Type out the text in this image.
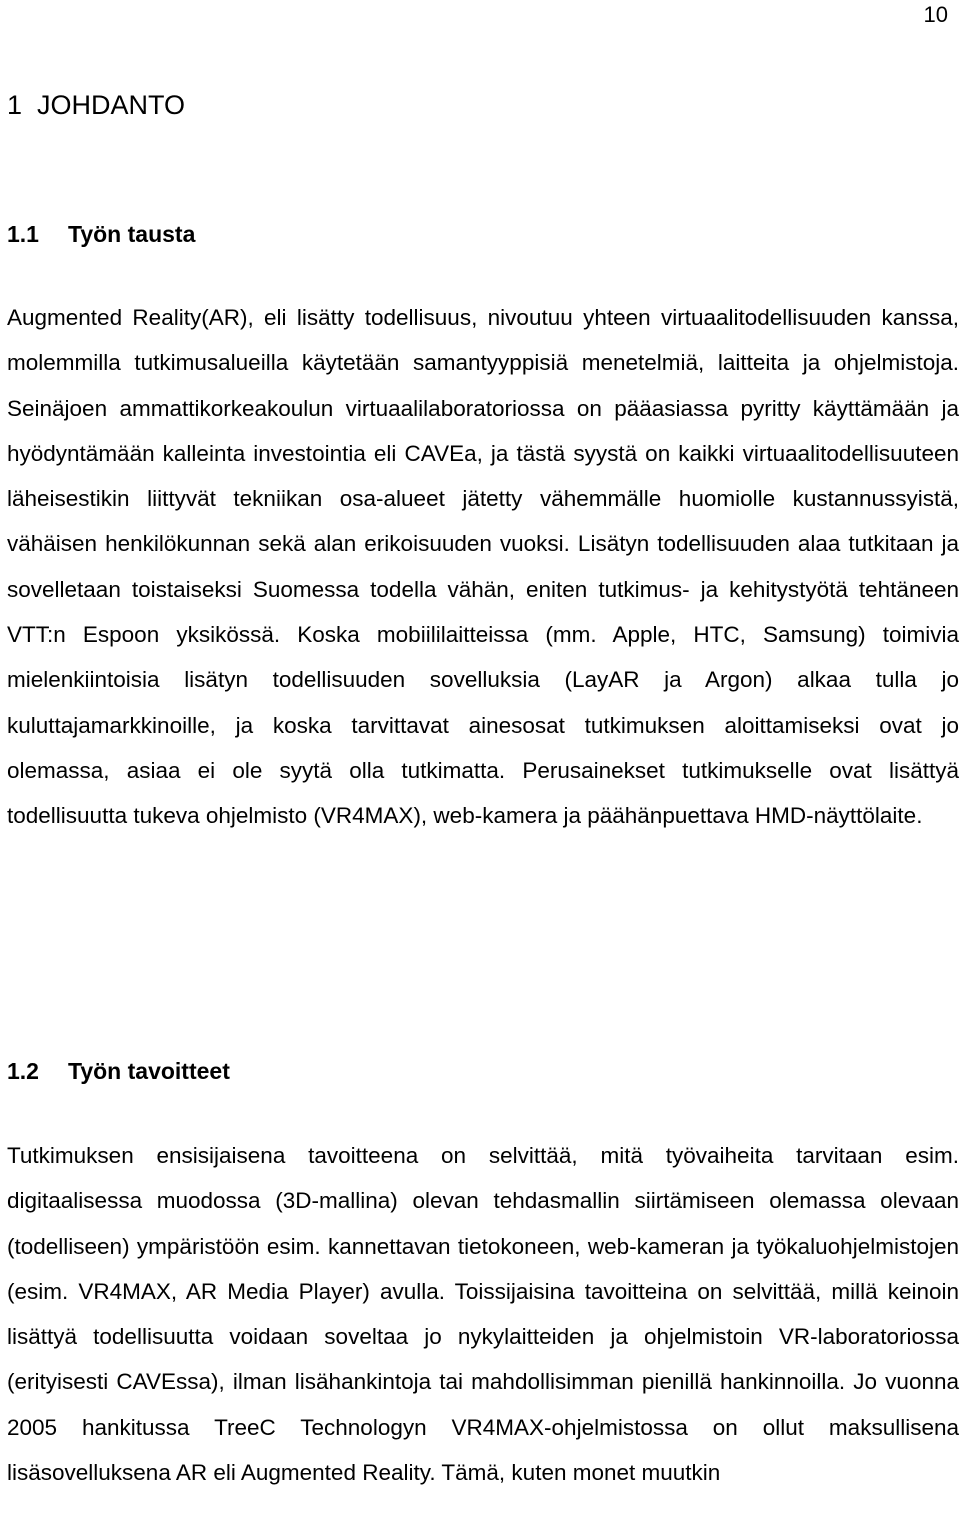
10
1  JOHDANTO
1.1 Työn tausta

Augmented Reality(AR), eli lisätty todellisuus, nivoutuu yhteen virtuaalitodellisuuden kanssa, molemmilla tutkimusalueilla käytetään samantyyppisiä menetelmiä, laitteita ja ohjelmistoja. Seinäjoen ammattikorkeakoulun virtuaalilaboratoriossa on pääasiassa pyritty käyttämään ja hyödyntämään kalleinta investointia eli CAVEa, ja tästä syystä on kaikki virtuaalitodellisuuteen läheisestikin liittyvät tekniikan osa-alueet jätetty vähemmälle huomiolle kustannussyistä, vähäisen henkilökunnan sekä alan erikoisuuden vuoksi. Lisätyn todellisuuden alaa tutkitaan ja sovelletaan toistaiseksi Suomessa todella vähän, eniten tutkimus- ja kehitystyötä tehtäneen VTT:n Espoon yksikössä. Koska mobiililaitteissa (mm. Apple, HTC, Samsung) toimivia mielenkiintoisia lisätyn todellisuuden sovelluksia (LayAR ja Argon) alkaa tulla jo kuluttajamarkkinoille, ja koska tarvittavat ainesosat tutkimuksen aloittamiseksi ovat jo olemassa, asiaa ei ole syytä olla tutkimatta. Perusainekset tutkimukselle ovat lisättyä todellisuutta tukeva ohjelmisto (VR4MAX), web-kamera ja päähänpuettava HMD-näyttölaite.

1.2 Työn tavoitteet

Tutkimuksen ensisijaisena tavoitteena on selvittää, mitä työvaiheita tarvitaan esim. digitaalisessa muodossa (3D-mallina) olevan tehdasmallin siirtämiseen olemassa olevaan (todelliseen) ympäristöön esim. kannettavan tietokoneen, web-kameran ja työkaluohjelmistojen (esim. VR4MAX, AR Media Player) avulla. Toissijaisina tavoitteina on selvittää, millä keinoin lisättyä todellisuutta voidaan soveltaa jo nykylaitteiden ja ohjelmistoin VR-laboratoriossa (erityisesti CAVEssa), ilman lisähankintoja tai mahdollisimman pienillä hankinnoilla. Jo vuonna 2005 hankitussa TreeC Technologyn VR4MAX-ohjelmistossa on ollut maksullisena lisäsovelluksena AR eli Augmented Reality. Tämä, kuten monet muutkin
